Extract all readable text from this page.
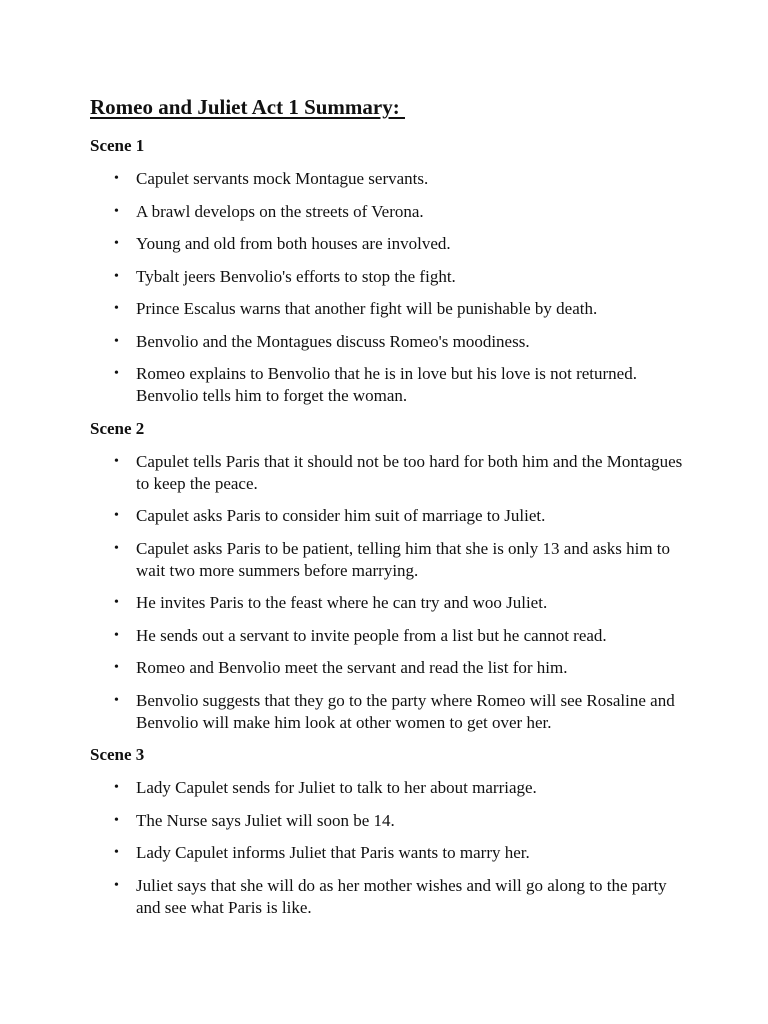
Romeo and Juliet Act 1 Summary:
Scene 1
• Capulet servants mock Montague servants.
• A brawl develops on the streets of Verona.
• Young and old from both houses are involved.
• Tybalt jeers Benvolio's efforts to stop the fight.
• Prince Escalus warns that another fight will be punishable by death.
• Benvolio and the Montagues discuss Romeo's moodiness.
• Romeo explains to Benvolio that he is in love but his love is not returned. Benvolio tells him to forget the woman.
Scene 2
• Capulet tells Paris that it should not be too hard for both him and the Montagues to keep the peace.
• Capulet asks Paris to consider him suit of marriage to Juliet.
• Capulet asks Paris to be patient, telling him that she is only 13 and asks him to wait two more summers before marrying.
• He invites Paris to the feast where he can try and woo Juliet.
• He sends out a servant to invite people from a list but he cannot read.
• Romeo and Benvolio meet the servant and read the list for him.
• Benvolio suggests that they go to the party where Romeo will see Rosaline and Benvolio will make him look at other women to get over her.
Scene 3
• Lady Capulet sends for Juliet to talk to her about marriage.
• The Nurse says Juliet will soon be 14.
• Lady Capulet informs Juliet that Paris wants to marry her.
• Juliet says that she will do as her mother wishes and will go along to the party and see what Paris is like.
